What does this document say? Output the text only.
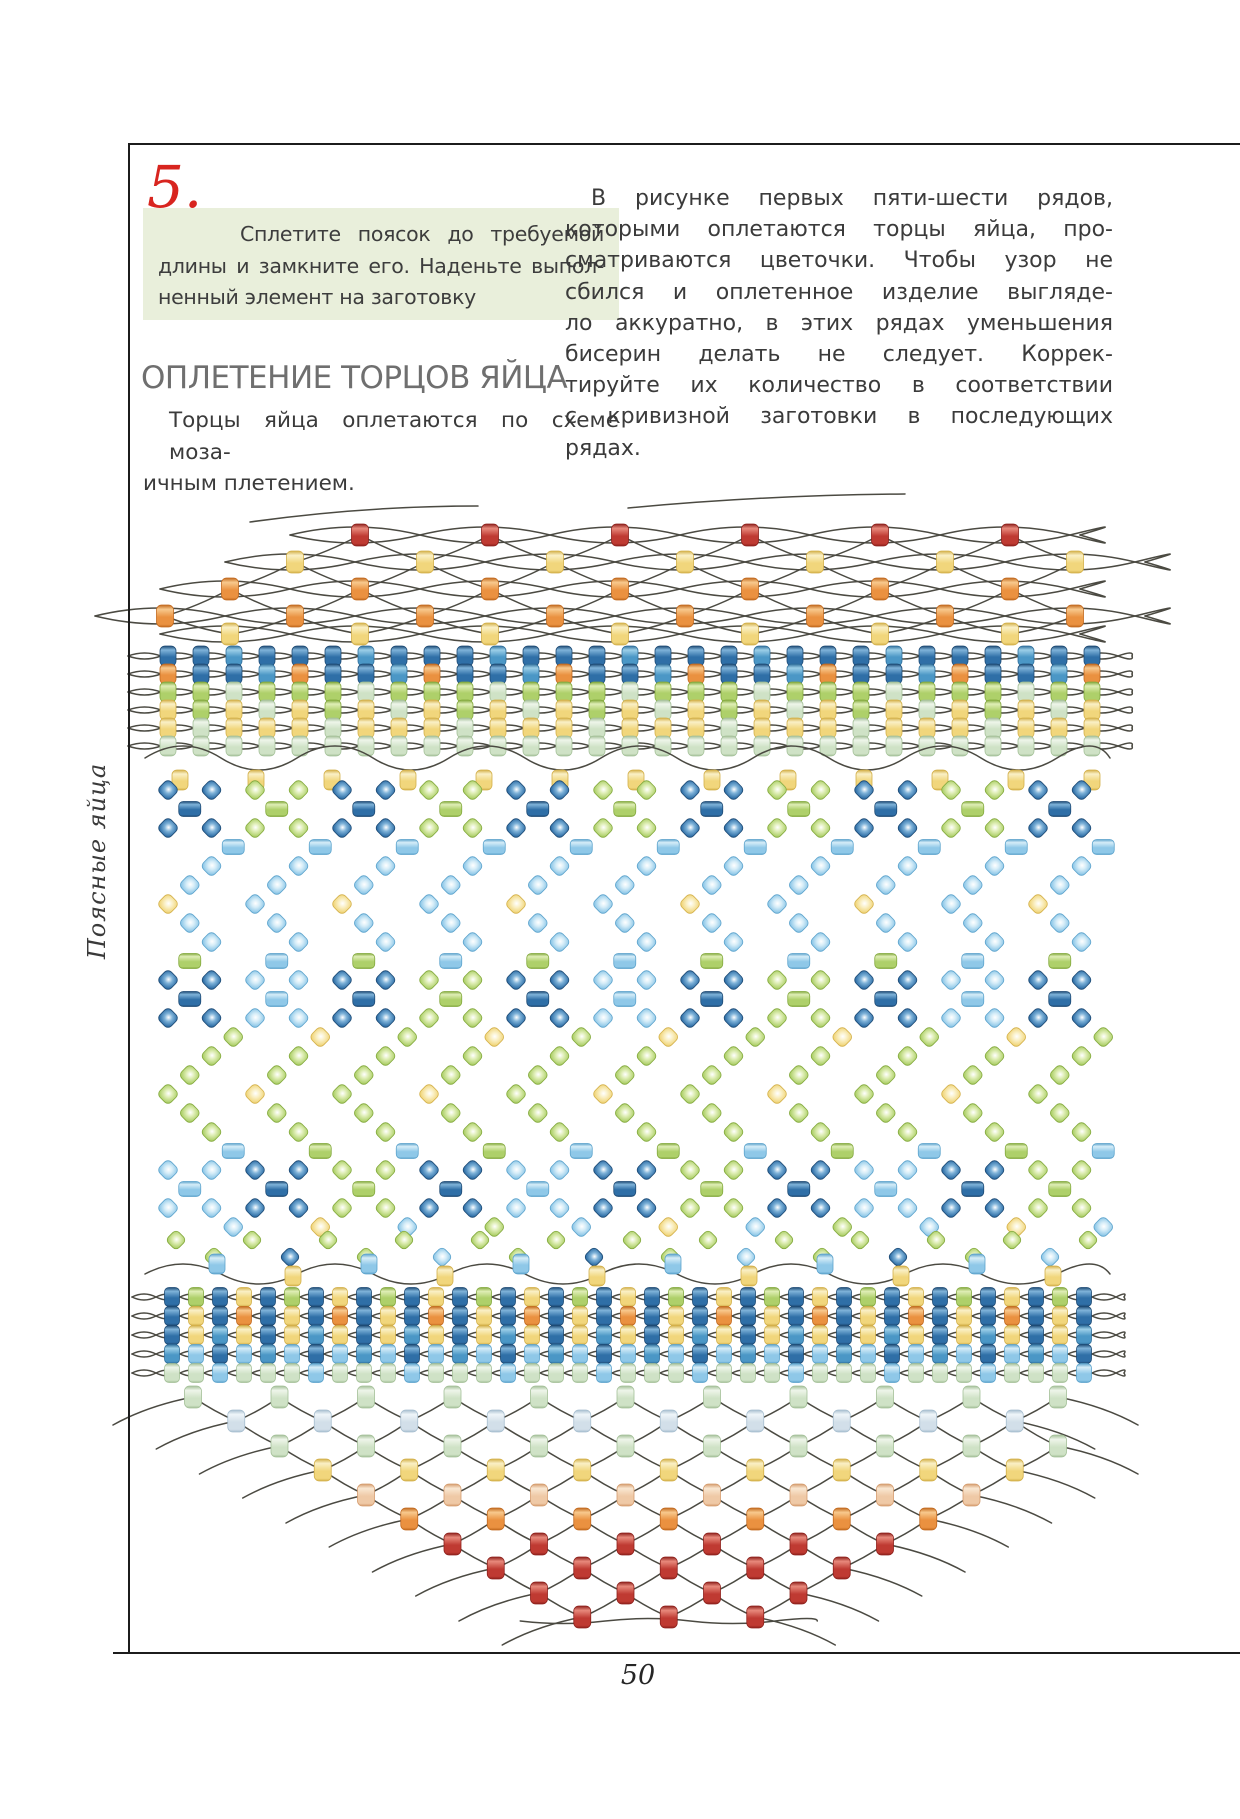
Сплетите поясок до требуемой
длины и замкните его. Наденьте выпол-
ненный элемент на заготовку
5.
ОПЛЕТЕНИЕ ТОРЦОВ ЯЙЦА
Торцы яйца оплетаются по схеме моза-
ичным плетением.
В рисунке первых пяти-шести рядов,
которыми оплетаются торцы яйца, про-
сматриваются цветочки. Чтобы узор не
сбился и оплетенное изделие выгляде-
ло аккуратно, в этих рядах уменьшения
бисерин делать не следует. Коррек-
тируйте их количество в соответствии
с кривизной заготовки в последующих
рядах.
Поясные яйца
50
